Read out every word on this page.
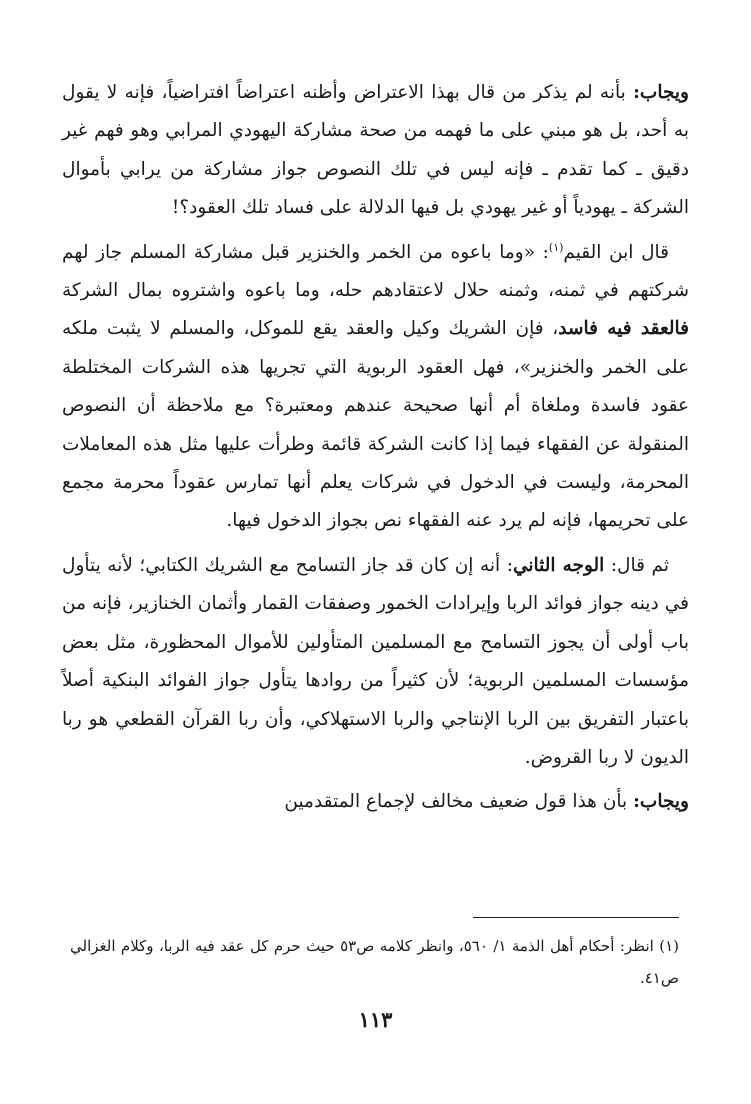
ويجاب: بأنه لم يذكر من قال بهذا الاعتراض وأظنه اعتراضاً افتراضياً، فإنه لا يقول به أحد، بل هو مبني على ما فهمه من صحة مشاركة اليهودي المرابي وهو فهم غير دقيق ـ كما تقدم ـ فإنه ليس في تلك النصوص جواز مشاركة من يرابي بأموال الشركة ـ يهودياً أو غير يهودي بل فيها الدلالة على فساد تلك العقود؟!

قال ابن القيم$^{(١)}$: «وما باعوه من الخمر والخنزير قبل مشاركة المسلم جاز لهم شركتهم في ثمنه، وثمنه حلال لاعتقادهم حله، وما باعوه واشتروه بمال الشركة فالعقد فيه فاسد، فإن الشريك وكيل والعقد يقع للموكل، والمسلم لا يثبت ملكه على الخمر والخنزير»، فهل العقود الربوية التي تجريها هذه الشركات المختلطة عقود فاسدة وملغاة أم أنها صحيحة عندهم ومعتبرة؟ مع ملاحظة أن النصوص المنقولة عن الفقهاء فيما إذا كانت الشركة قائمة وطرأت عليها مثل هذه المعاملات المحرمة، وليست في الدخول في شركات يعلم أنها تمارس عقوداً محرمة مجمع على تحريمها، فإنه لم يرد عنه الفقهاء نص بجواز الدخول فيها.

ثم قال: الوجه الثاني: أنه إن كان قد جاز التسامح مع الشريك الكتابي؛ لأنه يتأول في دينه جواز فوائد الربا وإيرادات الخمور وصفقات القمار وأثمان الخنازير، فإنه من باب أولى أن يجوز التسامح مع المسلمين المتأولين للأموال المحظورة، مثل بعض مؤسسات المسلمين الربوية؛ لأن كثيراً من روادها يتأول جواز الفوائد البنكية أصلاً باعتبار التفريق بين الربا الإنتاجي والربا الاستهلاكي، وأن ربا القرآن القطعي هو ربا الديون لا ربا القروض.

ويجاب: بأن هذا قول ضعيف مخالف لإجماع المتقدمين

(١) انظر: أحكام أهل الذمة ١/ ٥٦٠، وانظر كلامه ص٥٣ حيث حرم كل عقد فيه الربا، وكلام الغزالي ص٤١.

١١٣
